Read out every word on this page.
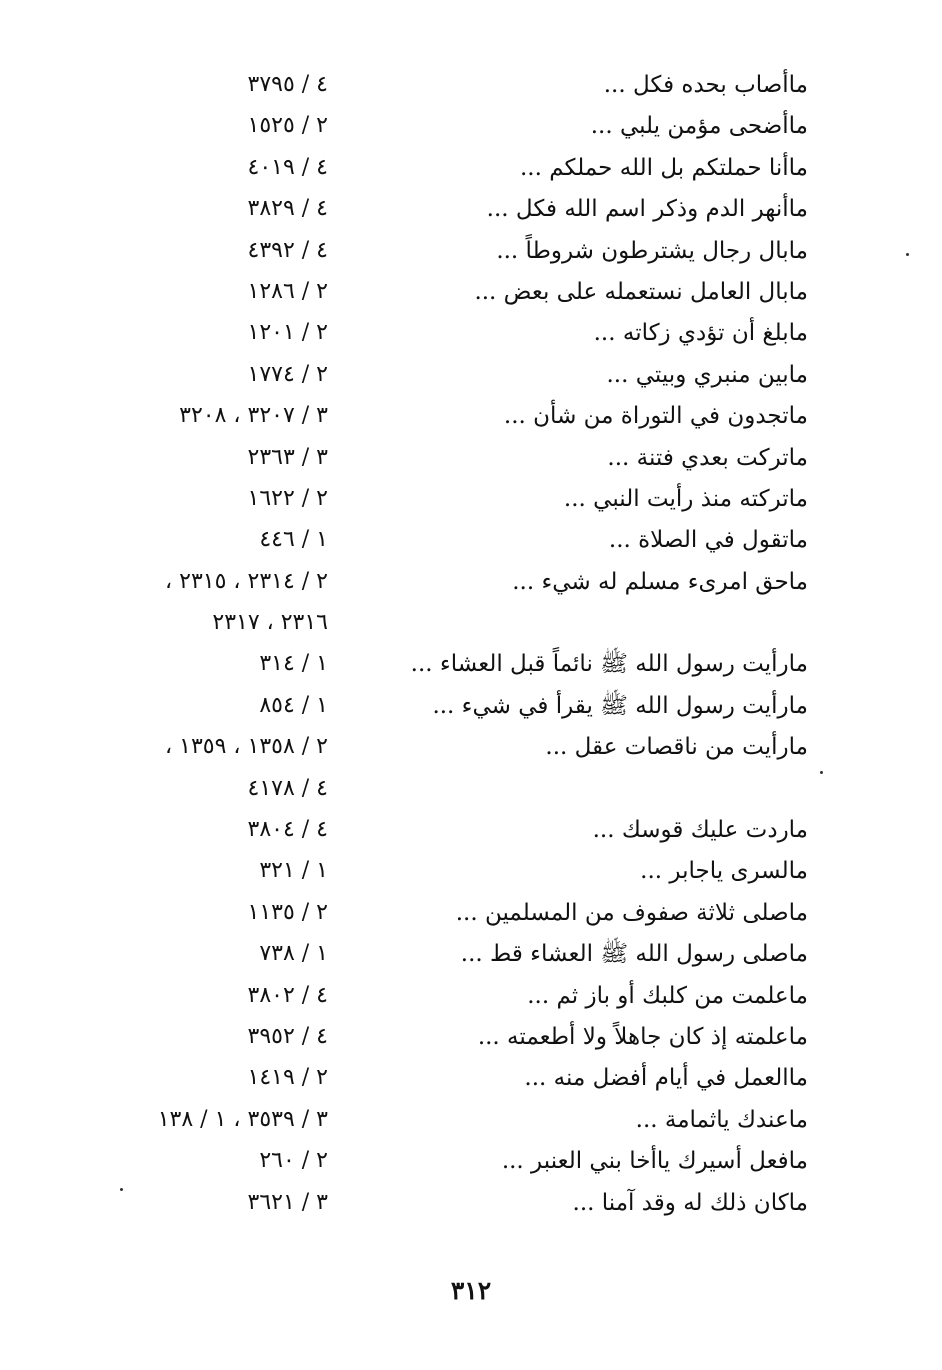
ماأصاب بحده فكل ...
٤ / ٣٧٩٥
ماأضحى مؤمن يلبي ...
٢ / ١٥٢٥
ماأنا حملتكم بل الله حملكم ...
٤ / ٤٠١٩
ماأنهر الدم وذكر اسم الله فكل ...
٤ / ٣٨٢٩
مابال رجال يشترطون شروطاً ...
٤ / ٤٣٩٢
مابال العامل نستعمله على بعض ...
٢ / ١٢٨٦
مابلغ أن تؤدي زكاته ...
٢ / ١٢٠١
مابين منبري وبيتي ...
٢ / ١٧٧٤
ماتجدون في التوراة من شأن ...
٣ / ٣٢٠٧ ، ٣٢٠٨
ماتركت بعدي فتنة ...
٣ / ٢٣٦٣
ماتركته منذ رأيت النبي ...
٢ / ١٦٢٢
ماتقول في الصلاة ...
١ / ٤٤٦
ماحق امرىء مسلم له شيء ...
٢ / ٢٣١٤ ، ٢٣١٥ ،
٢٣١٦ ، ٢٣١٧
مارأيت رسول الله ﷺ نائماً قبل العشاء ...
١ / ٣١٤
مارأيت رسول الله ﷺ يقرأ في شيء ...
١ / ٨٥٤
مارأيت من ناقصات عقل ...
٢ / ١٣٥٨ ، ١٣٥٩ ،
٤ / ٤١٧٨
ماردت عليك قوسك ...
٤ / ٣٨٠٤
مالسرى ياجابر ...
١ / ٣٢١
ماصلى ثلاثة صفوف من المسلمين ...
٢ / ١١٣٥
ماصلى رسول الله ﷺ العشاء قط ...
١ / ٧٣٨
ماعلمت من كلبك أو باز ثم ...
٤ / ٣٨٠٢
ماعلمته إذ كان جاهلاً ولا أطعمته ...
٤ / ٣٩٥٢
ماالعمل في أيام أفضل منه ...
٢ / ١٤١٩
ماعندك ياثمامة ...
٣ / ٣٥٣٩ ، ١ / ١٣٨
مافعل أسيرك ياأخا بني العنبر ...
٢ / ٢٦٠
ماكان ذلك له وقد آمنا ...
٣ / ٣٦٢١
٣١٢
